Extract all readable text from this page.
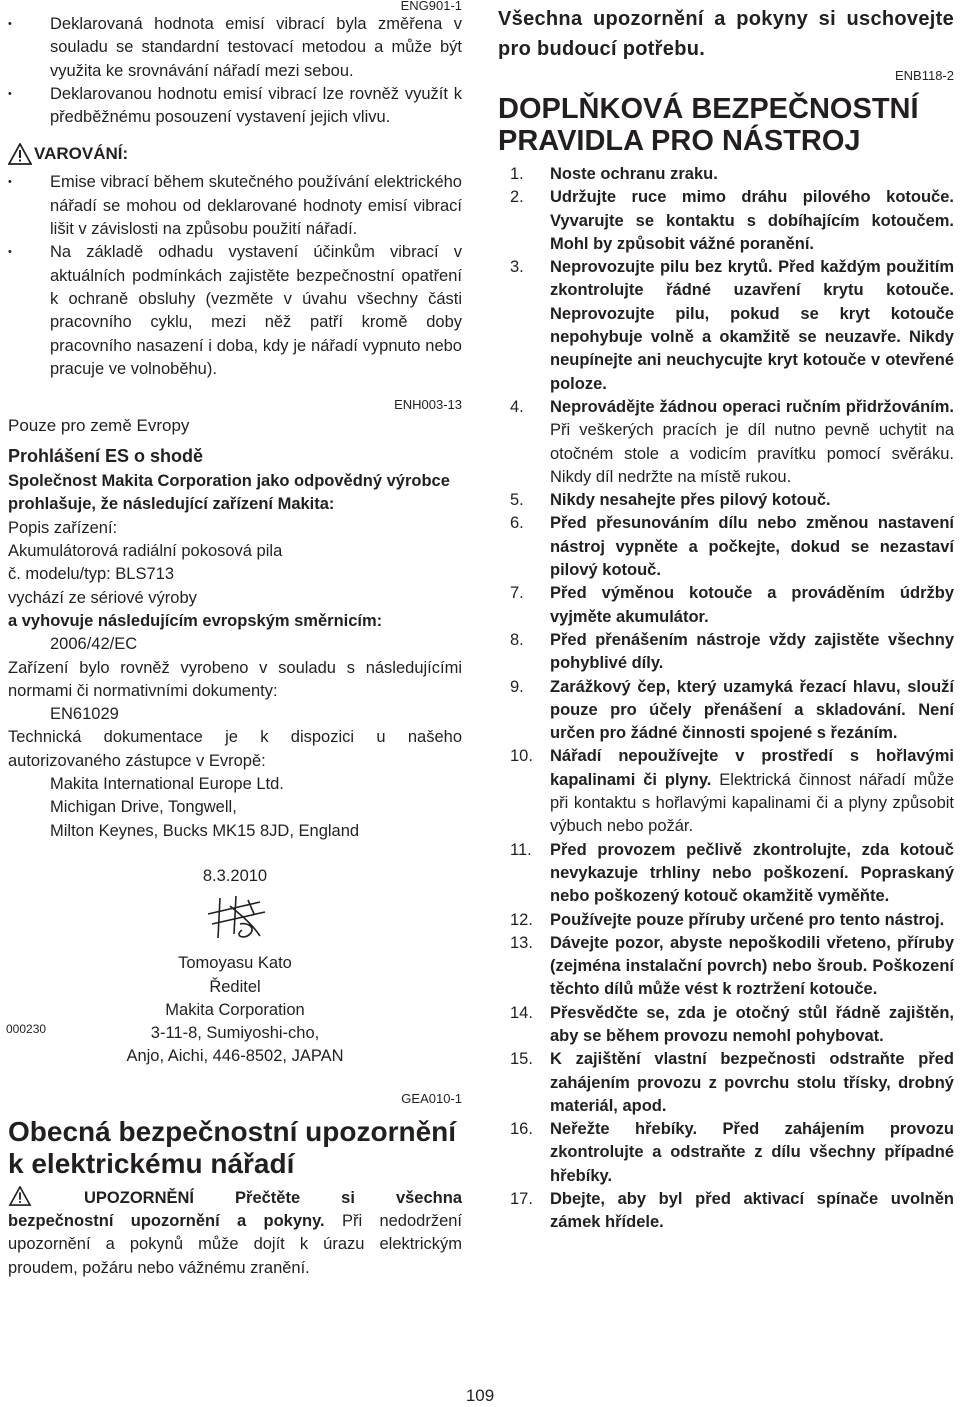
ENG901-1

• Deklarovaná hodnota emisí vibrací byla změřena v souladu se standardní testovací metodou a může být využita ke srovnávání nářadí mezi sebou.

• Deklarovanou hodnotu emisí vibrací lze rovněž využít k předběžnému posouzení vystavení jejich vlivu.

VAROVÁNÍ:

• Emise vibrací během skutečného používání elektrického nářadí se mohou od deklarované hodnoty emisí vibrací lišit v závislosti na způsobu použití nářadí.

• Na základě odhadu vystavení účinkům vibrací v aktuálních podmínkách zajistěte bezpečnostní opatření k ochraně obsluhy (vezměte v úvahu všechny části pracovního cyklu, mezi něž patří kromě doby pracovního nasazení i doba, kdy je nářadí vypnuto nebo pracuje ve volnoběhu).

ENH003-13

Pouze pro země Evropy

Prohlášení ES o shodě

Společnost Makita Corporation jako odpovědný výrobce prohlašuje, že následující zařízení Makita:

Popis zařízení:

Akumulátorová radiální pokosová pila

č. modelu/typ: BLS713

vychází ze sériové výroby

a vyhovuje následujícím evropským směrnicím:

2006/42/EC

Zařízení bylo rovněž vyrobeno v souladu s následujícími normami či normativními dokumenty:

EN61029

Technická dokumentace je k dispozici u našeho autorizovaného zástupce v Evropě:

Makita International Europe Ltd.

Michigan Drive, Tongwell,

Milton Keynes, Bucks MK15 8JD, England

8.3.2010

Tomoyasu Kato

Ředitel

Makita Corporation

3-11-8, Sumiyoshi-cho,

Anjo, Aichi, 446-8502, JAPAN

GEA010-1

Obecná bezpečnostní upozornění k elektrickému nářadí

UPOZORNĚNÍ Přečtěte si všechna bezpečnostní upozornění a pokyny. Při nedodržení upozornění a pokynů může dojít k úrazu elektrickým proudem, požáru nebo vážnému zranění.

000230

Všechna upozornění a pokyny si uschovejte pro budoucí potřebu.

ENB118-2

DOPLŇKOVÁ BEZPEČNOSTNÍ PRAVIDLA PRO NÁSTROJ

1. Noste ochranu zraku.
2. Udržujte ruce mimo dráhu pilového kotouče. Vyvarujte se kontaktu s dobíhajícím kotoučem. Mohl by způsobit vážné poranění.
3. Neprovozujte pilu bez krytů. Před každým použitím zkontrolujte řádné uzavření krytu kotouče. Neprovozujte pilu, pokud se kryt kotouče nepohybuje volně a okamžitě se neuzavře. Nikdy neupínejte ani neuchycujte kryt kotouče v otevřené poloze.
4. Neprovádějte žádnou operaci ručním přidržováním. Při veškerých pracích je díl nutno pevně uchytit na otočném stole a vodicím pravítku pomocí svěráku. Nikdy díl nedržte na místě rukou.
5. Nikdy nesahejte přes pilový kotouč.
6. Před přesunováním dílu nebo změnou nastavení nástroj vypněte a počkejte, dokud se nezastaví pilový kotouč.
7. Před výměnou kotouče a prováděním údržby vyjměte akumulátor.
8. Před přenášením nástroje vždy zajistěte všechny pohyblivé díly.
9. Zarážkový čep, který uzamyká řezací hlavu, slouží pouze pro účely přenášení a skladování. Není určen pro žádné činnosti spojené s řezáním.
10. Nářadí nepoužívejte v prostředí s hořlavými kapalinami či plyny. Elektrická činnost nářadí může při kontaktu s hořlavými kapalinami či a plyny způsobit výbuch nebo požár.
11. Před provozem pečlivě zkontrolujte, zda kotouč nevykazuje trhliny nebo poškození. Popraskaný nebo poškozený kotouč okamžitě vyměňte.
12. Používejte pouze příruby určené pro tento nástroj.
13. Dávejte pozor, abyste nepoškodili vřeteno, příruby (zejména instalační povrch) nebo šroub. Poškození těchto dílů může vést k roztržení kotouče.
14. Přesvědčte se, zda je otočný stůl řádně zajištěn, aby se během provozu nemohl pohybovat.
15. K zajištění vlastní bezpečnosti odstraňte před zahájením provozu z povrchu stolu třísky, drobný materiál, apod.
16. Neřežte hřebíky. Před zahájením provozu zkontrolujte a odstraňte z dílu všechny případné hřebíky.
17. Dbejte, aby byl před aktivací spínače uvolněn zámek hřídele.
109
